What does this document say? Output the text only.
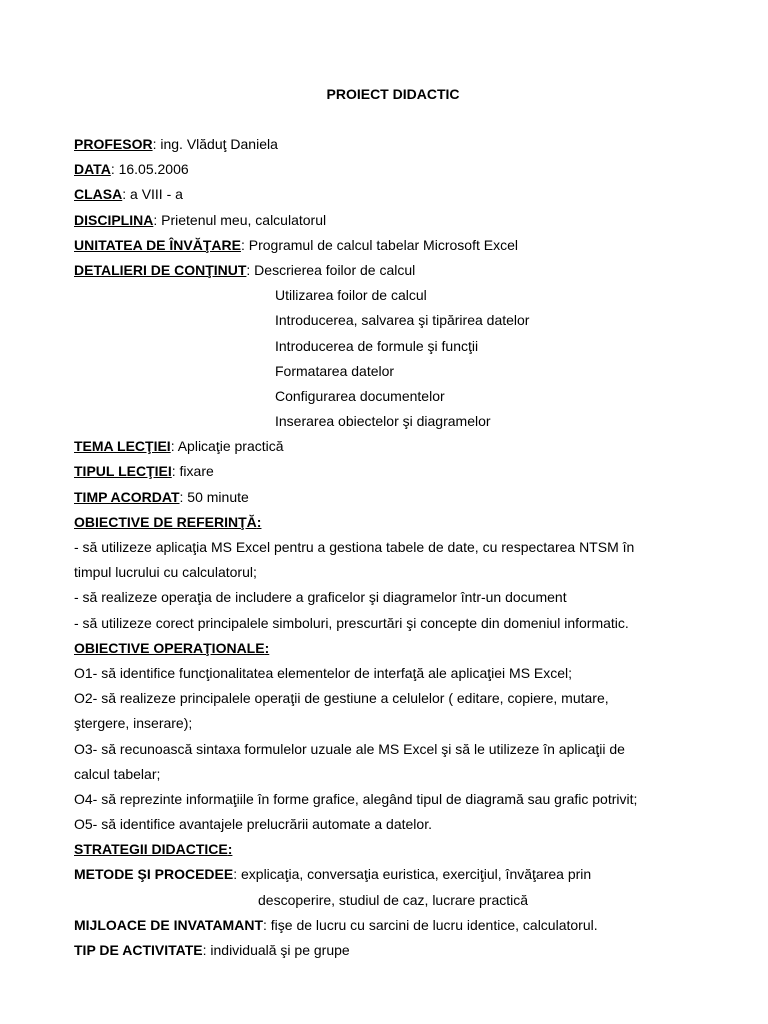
PROIECT DIDACTIC
PROFESOR: ing. Vlăduţ Daniela
DATA: 16.05.2006
CLASA: a VIII - a
DISCIPLINA: Prietenul meu, calculatorul
UNITATEA DE ÎNVĂŢARE: Programul de calcul tabelar Microsoft Excel
DETALIERI DE CONŢINUT: Descrierea foilor de calcul
Utilizarea foilor de calcul
Introducerea, salvarea şi tipărirea datelor
Introducerea de formule şi funcţii
Formatarea datelor
Configurarea documentelor
Inserarea obiectelor şi diagramelor
TEMA LECŢIEI: Aplicaţie practică
TIPUL LECŢIEI: fixare
TIMP ACORDAT: 50 minute
OBIECTIVE DE REFERINŢĂ:
- să utilizeze aplicaţia MS Excel pentru a gestiona tabele de date, cu respectarea NTSM în
timpul lucrului cu calculatorul;
- să realizeze operaţia de includere a graficelor şi diagramelor într-un document
- să utilizeze corect principalele simboluri, prescurtări şi concepte din domeniul informatic.
OBIECTIVE OPERAŢIONALE:
O1- să identifice funcţionalitatea elementelor de interfaţă ale aplicaţiei MS Excel;
O2- să realizeze principalele operaţii de gestiune a celulelor ( editare, copiere, mutare,
ştergere, inserare);
O3- să recunoască sintaxa formulelor uzuale ale MS Excel şi să le utilizeze în aplicaţii de
calcul tabelar;
O4- să reprezinte informaţiile în forme grafice, alegând tipul de diagramă sau grafic potrivit;
O5- să identifice avantajele prelucrării automate a datelor.
STRATEGII DIDACTICE:
METODE ŞI PROCEDEE: explicaţia, conversaţia euristica, exerciţiul, învăţarea prin
descoperire, studiul de caz, lucrare practică
MIJLOACE DE INVATAMANT: fişe de lucru cu sarcini de lucru identice, calculatorul.
TIP DE ACTIVITATE: individuală şi pe grupe
